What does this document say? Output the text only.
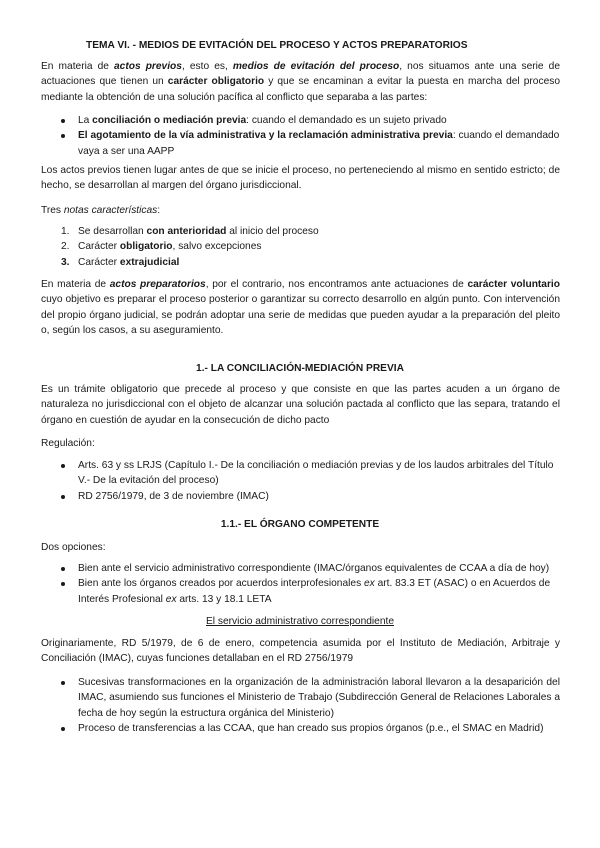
TEMA VI. - MEDIOS DE EVITACIÓN DEL PROCESO Y ACTOS PREPARATORIOS

En materia de actos previos, esto es, medios de evitación del proceso, nos situamos ante una serie de actuaciones que tienen un carácter obligatorio y que se encaminan a evitar la puesta en marcha del proceso mediante la obtención de una solución pacífica al conflicto que separaba a las partes:

La conciliación o mediación previa: cuando el demandado es un sujeto privado
El agotamiento de la vía administrativa y la reclamación administrativa previa: cuando el demandado vaya a ser una AAPP

Los actos previos tienen lugar antes de que se inicie el proceso, no perteneciendo al mismo en sentido estricto; de hecho, se desarrollan al margen del órgano jurisdiccional.

Tres notas características:

1. Se desarrollan con anterioridad al inicio del proceso
2. Carácter obligatorio, salvo excepciones
3. Carácter extrajudicial

En materia de actos preparatorios, por el contrario, nos encontramos ante actuaciones de carácter voluntario cuyo objetivo es preparar el proceso posterior o garantizar su correcto desarrollo en algún punto. Con intervención del propio órgano judicial, se podrán adoptar una serie de medidas que pueden ayudar a la preparación del pleito o, según los casos, a su aseguramiento.

1.- LA CONCILIACIÓN-MEDIACIÓN PREVIA

Es un trámite obligatorio que precede al proceso y que consiste en que las partes acuden a un órgano de naturaleza no jurisdiccional con el objeto de alcanzar una solución pactada al conflicto que las separa, tratando el órgano en cuestión de ayudar en la consecución de dicho pacto

Regulación:

Arts. 63 y ss LRJS (Capítulo I.- De la conciliación o mediación previas y de los laudos arbitrales del Título V.- De la evitación del proceso)
RD 2756/1979, de 3 de noviembre (IMAC)
1.1.- EL ÓRGANO COMPETENTE

Dos opciones:

Bien ante el servicio administrativo correspondiente (IMAC/órganos equivalentes de CCAA a día de hoy)
Bien ante los órganos creados por acuerdos interprofesionales ex art. 83.3 ET (ASAC) o en Acuerdos de Interés Profesional ex arts. 13 y 18.1 LETA
El servicio administrativo correspondiente

Originariamente, RD 5/1979, de 6 de enero, competencia asumida por el Instituto de Mediación, Arbitraje y Conciliación (IMAC), cuyas funciones detallaban en el RD 2756/1979

Sucesivas transformaciones en la organización de la administración laboral llevaron a la desaparición del IMAC, asumiendo sus funciones el Ministerio de Trabajo (Subdirección General de Relaciones Laborales a fecha de hoy según la estructura orgánica del Ministerio)
Proceso de transferencias a las CCAA, que han creado sus propios órganos (p.e., el SMAC en Madrid)
